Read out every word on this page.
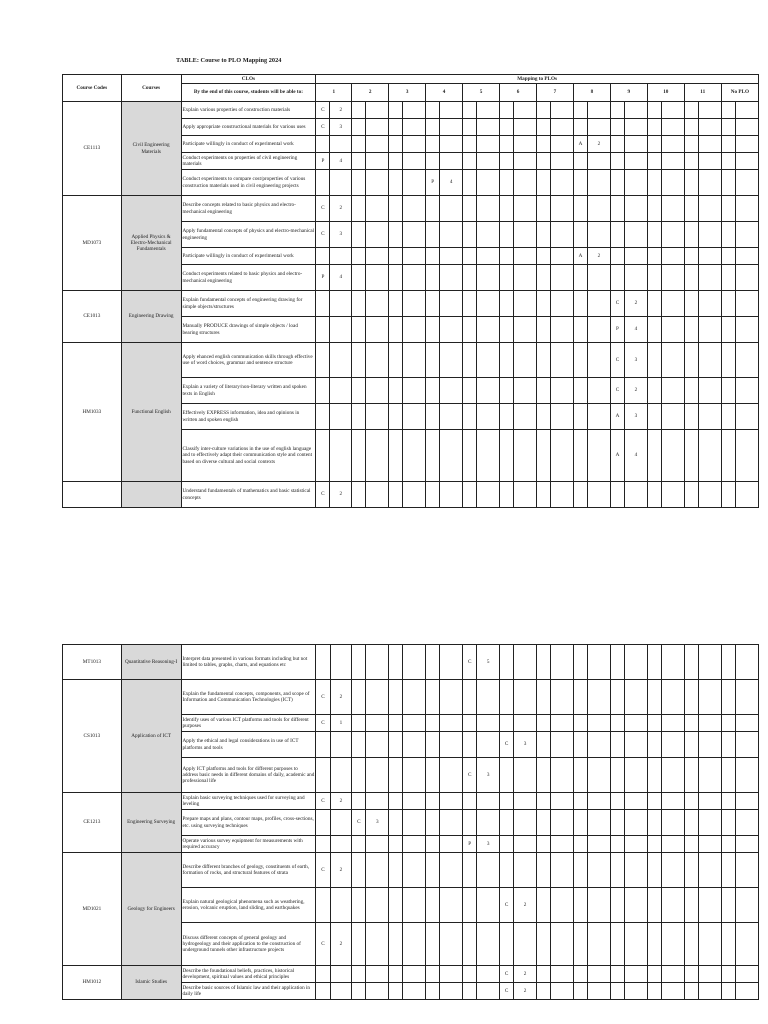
TABLE: Course to PLO Mapping 2024
Course Codes	Courses	CLOs	Mapping to PLOs																							
		By the end of this course, students will be able to:	1		2		3		4		5		6		7		8		9		10		11		No PLO	
CE1113	Civil Engineering Materials	Explain various properties of construction materials	C	2																						
		Apply appropriate constructional materials for various uses	C	3																						
		Participate willingly in conduct of experimental work															A	2								
		Conduct experiments on properties of civil engineering materials	P	4																						
		Conduct experiments to compare cost/properties of various construction materials used in civil engineering projects							P	4																
MD1073	Applied Physics & Electro-Mechanical Fundamentals	Describe concepts related to basic physics and electro-mechanical engineering	C	2																						
		Apply fundamental concepts of physics and electro-mechanical engineering	C	3																						
		Participate willingly in conduct of experimental work															A	2								
		Conduct experiments related to basic physics and electro-mechanical engineering	P	4																						
CE1013	Engineering Drawing	Explain fundamental concepts of engineering drawing for simple objects/structures																	C	2						
		Manually PRODUCE drawings of simple objects / load bearing structures																	P	4						
HM1033	Functional English	Apply ehanced english communication skills through effective use of word choices, grammar and sentence structure																	C	3						
		Explain a variety of literary/non-literary written and spoken texts in English																	C	2						
		Effectively EXPRESS information, idea and opinions in written and spoken english																	A	3						
		Classify inter-culture variations in the use of english language and to effectively adapt their communication style and content based on diverse cultural and social contexts																	A	4						
		Understand fundamentals of mathematics and basic statistical concepts	C	2																						
MT1013	Quantitative Reasoning-I	Interpret data presented in various formats including but not limited to tables, graphs, charts, and equations etc									C	5														
CS1013	Application of ICT	Explain the fundamental concepts, components, and scope of Information and Communication Technologies (ICT)	C	2																						
		Identify uses of various ICT platforms and tools for different purposes	C	1																						
		Apply the ethical and legal considerations in use of ICT platforms and tools											C	3												
		Apply ICT platforms and tools for different purposes to address basic needs in different domains of daily, academic and professional life									C	3														
CE1213	Engineering Surveying	Explain basic surveying techniques used for surveying and leveling	C	2																						
		Prepare maps and plans, contour maps, profiles, cross-sections, etc. using surveying techniques			C	3																				
		Operate various survey equipment for measurements with required accuracy									P	3														
MD1021	Geology for Engineers	Describe different branches of geology, constituents of earth, formation of rocks, and structural features of strata	C	2																						
		Explain natural geological phenomena such as weathering, erosion, volcanic eruption, land sliding, and earthquakes											C	2												
		Discuss different concepts of general geology and hydrogeology and their application to the construction of underground tunnels other infrastructure projects	C	2																						
HM1012	Islamic Studies	Describe the foundational beliefs, practices, historical development, spiritual values and ethical principles											C	2												
		Describe basic sources of Islamic law and their application in daily life											C	2												
